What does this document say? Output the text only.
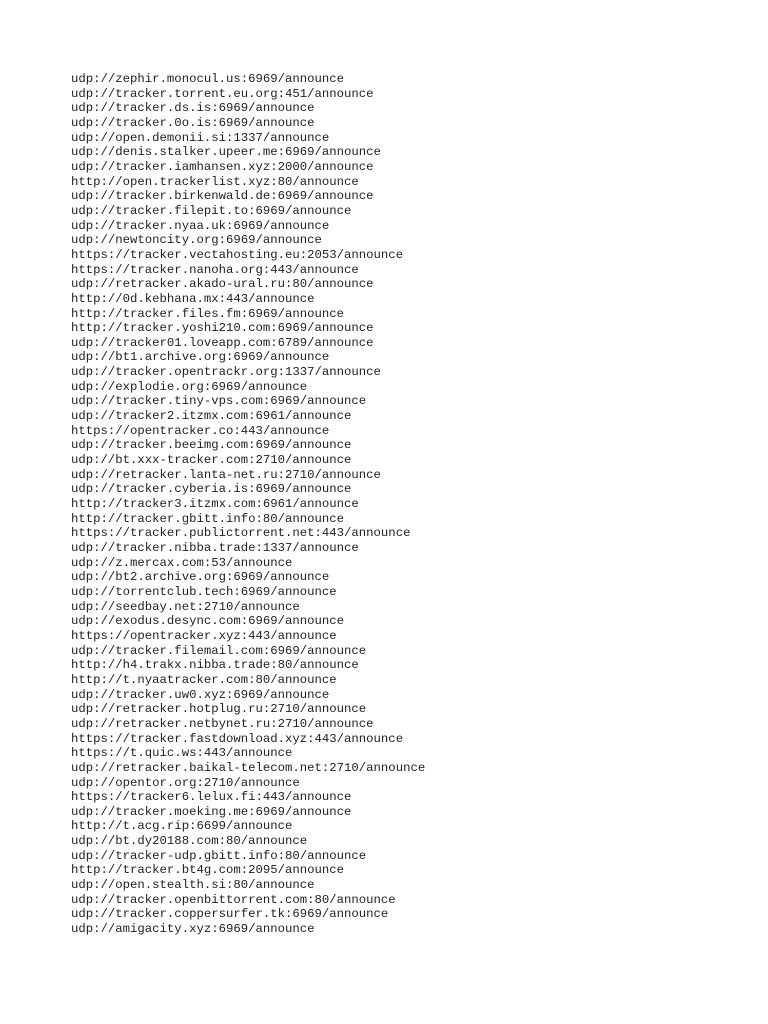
udp://zephir.monocul.us:6969/announce
udp://tracker.torrent.eu.org:451/announce
udp://tracker.ds.is:6969/announce
udp://tracker.0o.is:6969/announce
udp://open.demonii.si:1337/announce
udp://denis.stalker.upeer.me:6969/announce
udp://tracker.iamhansen.xyz:2000/announce
http://open.trackerlist.xyz:80/announce
udp://tracker.birkenwald.de:6969/announce
udp://tracker.filepit.to:6969/announce
udp://tracker.nyaa.uk:6969/announce
udp://newtoncity.org:6969/announce
https://tracker.vectahosting.eu:2053/announce
https://tracker.nanoha.org:443/announce
udp://retracker.akado-ural.ru:80/announce
http://0d.kebhana.mx:443/announce
http://tracker.files.fm:6969/announce
http://tracker.yoshi210.com:6969/announce
udp://tracker01.loveapp.com:6789/announce
udp://bt1.archive.org:6969/announce
udp://tracker.opentrackr.org:1337/announce
udp://explodie.org:6969/announce
udp://tracker.tiny-vps.com:6969/announce
udp://tracker2.itzmx.com:6961/announce
https://opentracker.co:443/announce
udp://tracker.beeimg.com:6969/announce
udp://bt.xxx-tracker.com:2710/announce
udp://retracker.lanta-net.ru:2710/announce
udp://tracker.cyberia.is:6969/announce
http://tracker3.itzmx.com:6961/announce
http://tracker.gbitt.info:80/announce
https://tracker.publictorrent.net:443/announce
udp://tracker.nibba.trade:1337/announce
udp://z.mercax.com:53/announce
udp://bt2.archive.org:6969/announce
udp://torrentclub.tech:6969/announce
udp://seedbay.net:2710/announce
udp://exodus.desync.com:6969/announce
https://opentracker.xyz:443/announce
udp://tracker.filemail.com:6969/announce
http://h4.trakx.nibba.trade:80/announce
http://t.nyaatracker.com:80/announce
udp://tracker.uw0.xyz:6969/announce
udp://retracker.hotplug.ru:2710/announce
udp://retracker.netbynet.ru:2710/announce
https://tracker.fastdownload.xyz:443/announce
https://t.quic.ws:443/announce
udp://retracker.baikal-telecom.net:2710/announce
udp://opentor.org:2710/announce
https://tracker6.lelux.fi:443/announce
udp://tracker.moeking.me:6969/announce
http://t.acg.rip:6699/announce
udp://bt.dy20188.com:80/announce
udp://tracker-udp.gbitt.info:80/announce
http://tracker.bt4g.com:2095/announce
udp://open.stealth.si:80/announce
udp://tracker.openbittorrent.com:80/announce
udp://tracker.coppersurfer.tk:6969/announce
udp://amigacity.xyz:6969/announce
